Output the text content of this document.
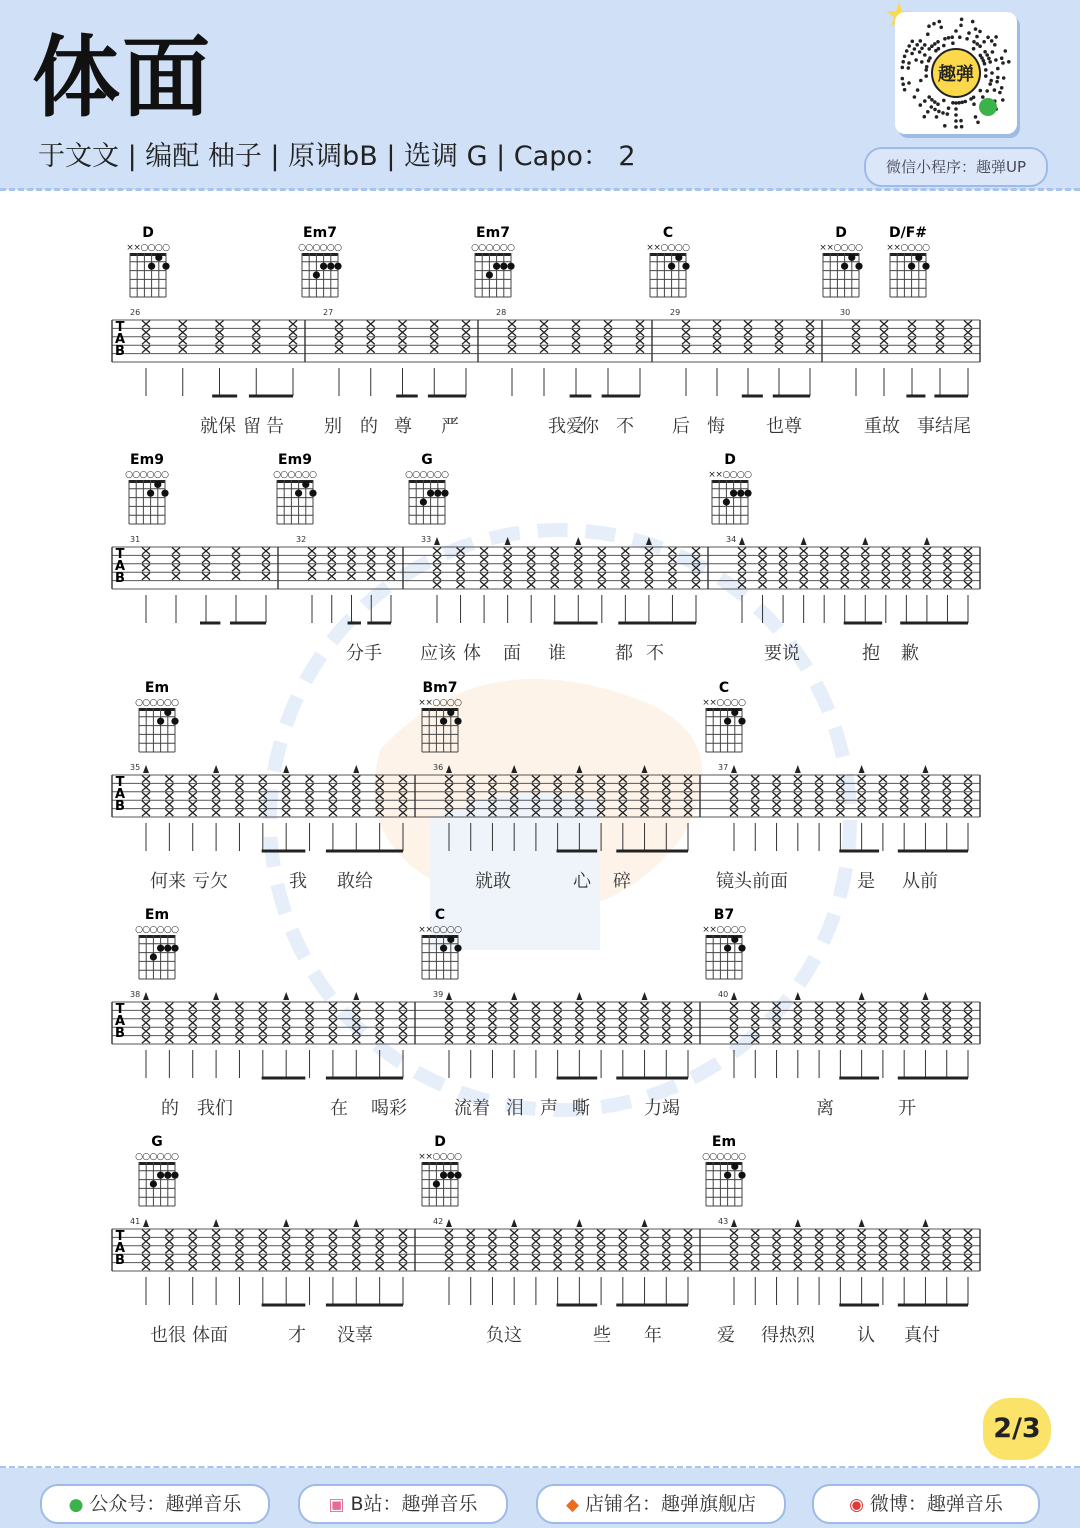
体面
于文文 | 编配 柚子 | 原调bB | 选调 G | Capo： 2
趣弹
微信小程序：趣弹UP
D
× × ○ ○ ○ ○
Em7
○ ○ ○ ○ ○ ○
Em7
○ ○ ○ ○ ○ ○
C
× × ○ ○ ○ ○
D
× × ○ ○ ○ ○
D/F#
× × ○ ○ ○ ○
T
A
B
26	27	28	29	30
就保 留 告 别 的 尊 严	我爱
你 不 后 悔 也尊	重故 事结尾
Em9
○ ○ ○ ○ ○ ○
Em9
○ ○ ○ ○ ○ ○
G
○ ○ ○ ○ ○ ○
D
× × ○ ○ ○ ○
T
A
B
31	32	33	34
分手 应该 体 面 谁	都 不	要说	抱 歉
Em
○ ○ ○ ○ ○ ○
Bm7
× × ○ ○ ○ ○
C
× × ○ ○ ○ ○
T
A
B
35	36	37
何来 亏欠	我 敢给	就敢	心 碎	镜头前面	是 从前
Em
○ ○ ○ ○ ○ ○
C
× × ○ ○ ○ ○
B7
× × ○ ○ ○ ○
T
A
B
38	39	40
的 我们	在 喝彩	流着 泪 声 嘶	力竭	离	开
G
○ ○ ○ ○ ○ ○
D
× × ○ ○ ○ ○
Em
○ ○ ○ ○ ○ ○
T
A
B
41	42	43
也很 体面	才 没辜	负这	些 年	爱 得热烈 认 真付
2/3
● 公众号：趣弹音乐	▣ B站：趣弹音乐	◆ 店铺名：趣弹旗舰店	◉ 微博：趣弹音乐
